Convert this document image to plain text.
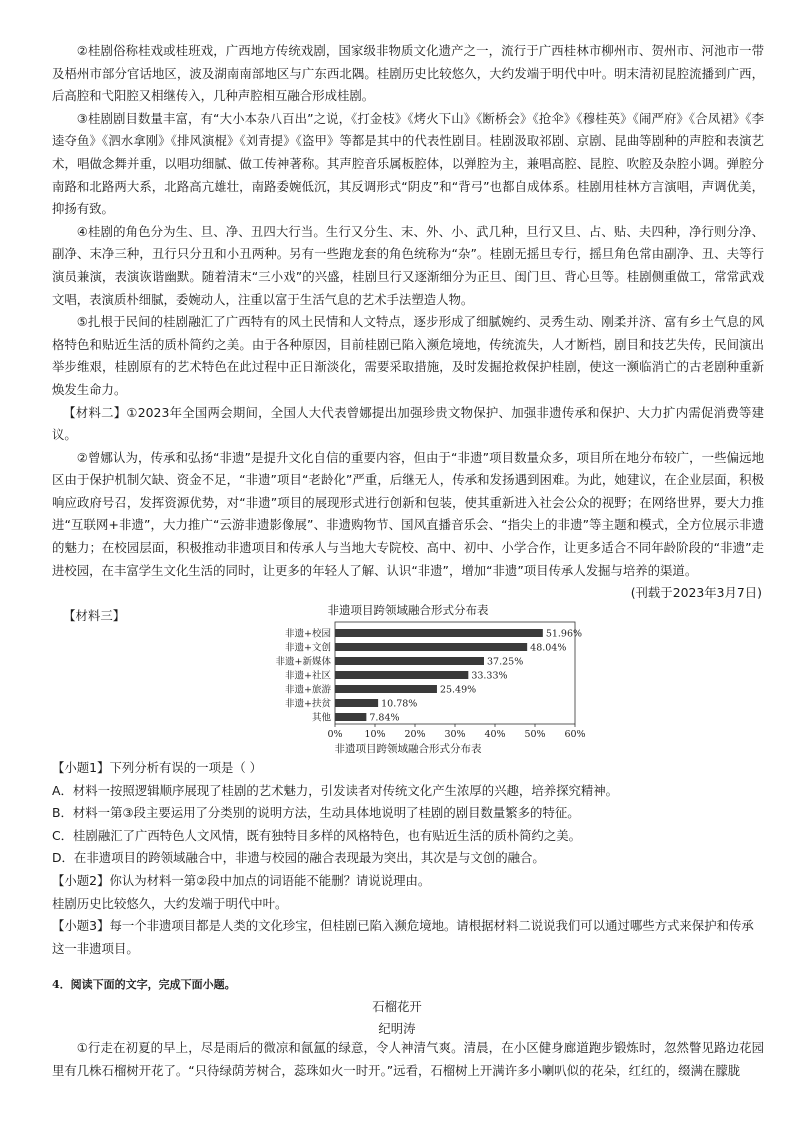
②桂剧俗称桂戏或桂班戏，广西地方传统戏剧，国家级非物质文化遗产之一，流行于广西桂林市柳州市、贺州市、河池市一带及梧州市部分官话地区，波及湖南南部地区与广东西北隅。桂剧历史比较悠久，大约发端于明代中叶。明末清初昆腔流播到广西，后高腔和弋阳腔又相继传入，几种声腔相互融合形成桂剧。

③桂剧剧目数量丰富，有“大小本杂八百出”之说，《打金枝》《烤火下山》《断桥会》《抢伞》《穆桂英》《闹严府》《合凤裙》《李逵夺鱼》《泗水拿刚》《排风演棍》《刘青提》《盗甲》等都是其中的代表性剧目。桂剧汲取祁剧、京剧、昆曲等剧种的声腔和表演艺术，唱做念舞并重，以唱功细腻、做工传神著称。其声腔音乐属板腔体，以弹腔为主，兼唱高腔、昆腔、吹腔及杂腔小调。弹腔分南路和北路两大系，北路高亢雄壮，南路委婉低沉，其反调形式“阴皮”和“背弓”也都自成体系。桂剧用桂林方言演唱，声调优美，抑扬有致。

④桂剧的角色分为生、旦、净、丑四大行当。生行又分生、末、外、小、武几种，旦行又旦、占、贴、夫四种，净行则分净、副净、末净三种，丑行只分丑和小丑两种。另有一些跑龙套的角色统称为“杂”。桂剧无摇旦专行，摇旦角色常由副净、丑、夫等行演员兼演，表演诙谐幽默。随着清末“三小戏”的兴盛，桂剧旦行又逐渐细分为正旦、闺门旦、背心旦等。桂剧侧重做工，常常武戏文唱，表演质朴细腻，委婉动人，注重以富于生活气息的艺术手法塑造人物。

⑤扎根于民间的桂剧融汇了广西特有的风土民情和人文特点，逐步形成了细腻婉约、灵秀生动、刚柔并济、富有乡土气息的风格特色和贴近生活的质朴简约之美。由于各种原因，目前桂剧已陷入濒危境地，传统流失，人才断档，剧目和技艺失传，民间演出举步维艰，桂剧原有的艺术特色在此过程中正日渐淡化，需要采取措施，及时发掘抢救保护桂剧，使这一濒临消亡的古老剧种重新焕发生命力。

【材料二】①2023年全国两会期间，全国人大代表曾娜提出加强珍贵文物保护、加强非遗传承和保护、大力扩内需促消费等建议。

②曾娜认为，传承和弘扬“非遗”是提升文化自信的重要内容，但由于“非遗”项目数量众多，项目所在地分布较广，一些偏远地区由于保护机制欠缺、资金不足，“非遗”项目“老龄化”严重，后继无人，传承和发扬遇到困难。为此，她建议，在企业层面，积极响应政府号召，发挥资源优势，对“非遗”项目的展现形式进行创新和包装，使其重新进入社会公众的视野；在网络世界，要大力推进“互联网+非遗”，大力推广“云游非遗影像展”、非遗购物节、国风直播音乐会、“指尖上的非遗”等主题和模式，全方位展示非遗的魅力；在校园层面，积极推动非遗项目和传承人与当地大专院校、高中、初中、小学合作，让更多适合不同年龄阶段的“非遗”走进校园，在丰富学生文化生活的同时，让更多的年轻人了解、认识“非遗”，增加“非遗”项目传承人发掘与培养的渠道。

(刊载于2023年3月7日)

【材料三】	非遗项目跨领域融合形式分布表
0% 10% 20% 30% 40% 50% 60%
非遗+校园	51.96%
非遗+文创	48.04%
非遗+新媒体	37.25%
非遗+社区	33.33%
非遗+旅游	25.49%
非遗+扶贫	10.78%
其他	7.84%
非遗项目跨领域融合形式分布表

【小题1】下列分析有误的一项是（ ）

A．材料一按照逻辑顺序展现了桂剧的艺术魅力，引发读者对传统文化产生浓厚的兴趣，培养探究精神。

B．材料一第③段主要运用了分类别的说明方法，生动具体地说明了桂剧的剧目数量繁多的特征。

C．桂剧融汇了广西特色人文风情，既有独特目多样的风格特色，也有贴近生活的质朴简约之美。

D．在非遗项目的跨领域融合中，非遗与校园的融合表现最为突出，其次是与文创的融合。

【小题2】你认为材料一第②段中加点的词语能不能删？请说说理由。

桂剧历史比较悠久，大约发端于明代中叶。

【小题3】每一个非遗项目都是人类的文化珍宝，但桂剧已陷入濒危境地。请根据材料二说说我们可以通过哪些方式来保护和传承这一非遗项目。

4．阅读下面的文字，完成下面小题。
石榴花开
纪明涛

①行走在初夏的早上，尽是雨后的微凉和氤氲的绿意，令人神清气爽。清晨，在小区健身廊道跑步锻炼时，忽然瞥见路边花园里有几株石榴树开花了。“只待绿荫芳树合，蕊珠如火一时开。”远看，石榴树上开满许多小喇叭似的花朵，红红的，缀满在朦胧
